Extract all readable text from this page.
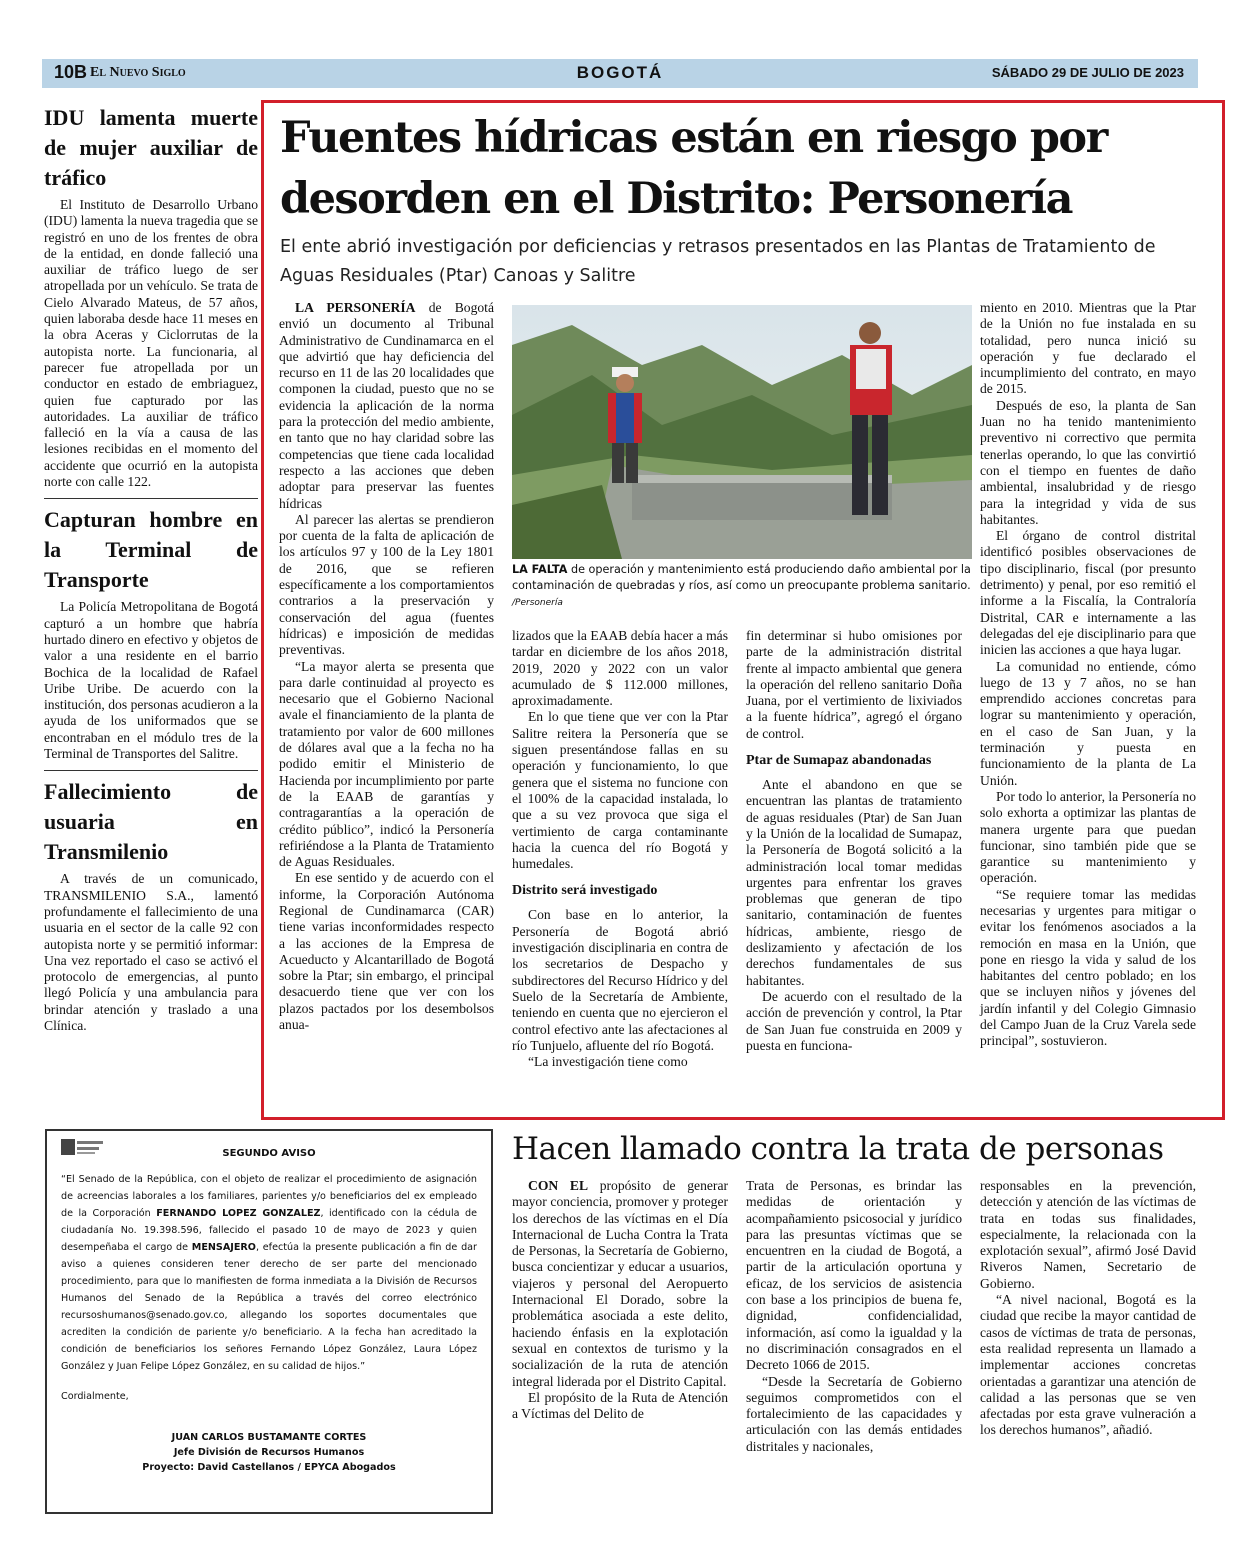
10B El Nuevo Siglo	BOGOTÁ	SÁBADO 29 DE JULIO DE 2023
IDU lamenta muerte de mujer auxiliar de tráfico

El Instituto de Desarrollo Urbano (IDU) lamenta la nueva tragedia que se registró en uno de los frentes de obra de la entidad, en donde falleció una auxiliar de tráfico luego de ser atropellada por un vehículo. Se trata de Cielo Alvarado Mateus, de 57 años, quien laboraba desde hace 11 meses en la obra Aceras y Ciclorrutas de la autopista norte. La funcionaria, al parecer fue atropellada por un conductor en estado de embriaguez, quien fue capturado por las autoridades. La auxiliar de tráfico falleció en la vía a causa de las lesiones recibidas en el momento del accidente que ocurrió en la autopista norte con calle 122.

Capturan hombre en la Terminal de Transporte

La Policía Metropolitana de Bogotá capturó a un hombre que habría hurtado dinero en efectivo y objetos de valor a una residente en el barrio Bochica de la localidad de Rafael Uribe Uribe. De acuerdo con la institución, dos personas acudieron a la ayuda de los uniformados que se encontraban en el módulo tres de la Terminal de Transportes del Salitre.

Fallecimiento de usuaria en Transmilenio

A través de un comunicado, TRANSMILENIO S.A., lamentó profundamente el fallecimiento de una usuaria en el sector de la calle 92 con autopista norte y se permitió informar: Una vez reportado el caso se activó el protocolo de emergencias, al punto llegó Policía y una ambulancia para brindar atención y traslado a una Clínica.

Fuentes hídricas están en riesgo por desorden en el Distrito: Personería
El ente abrió investigación por deficiencias y retrasos presentados en las Plantas de Tratamiento de Aguas Residuales (Ptar) Canoas y Salitre

LA PERSONERÍA de Bogotá envió un documento al Tribunal Administrativo de Cundinamarca en el que advirtió que hay deficiencia del recurso en 11 de las 20 localidades que componen la ciudad, puesto que no se evidencia la aplicación de la norma para la protección del medio ambiente, en tanto que no hay claridad sobre las competencias que tiene cada localidad respecto a las acciones que deben adoptar para preservar las fuentes hídricas

Al parecer las alertas se prendieron por cuenta de la falta de aplicación de los artículos 97 y 100 de la Ley 1801 de 2016, que se refieren específicamente a los comportamientos contrarios a la preservación y conservación del agua (fuentes hídricas) e imposición de medidas preventivas.

“La mayor alerta se presenta que para darle continuidad al proyecto es necesario que el Gobierno Nacional avale el financiamiento de la planta de tratamiento por valor de 600 millones de dólares aval que a la fecha no ha podido emitir el Ministerio de Hacienda por incumplimiento por parte de la EAAB de garantías y contragarantías a la operación de crédito público”, indicó la Personería refiriéndose a la Planta de Tratamiento de Aguas Residuales.

En ese sentido y de acuerdo con el informe, la Corporación Autónoma Regional de Cundinamarca (CAR) tiene varias inconformidades respecto a las acciones de la Empresa de Acueducto y Alcantarillado de Bogotá sobre la Ptar; sin embargo, el principal desacuerdo tiene que ver con los plazos pactados por los desembolsos anua-

LA FALTA de operación y mantenimiento está produciendo daño ambiental por la contaminación de quebradas y ríos, así como un preocupante problema sanitario. /Personería

lizados que la EAAB debía hacer a más tardar en diciembre de los años 2018, 2019, 2020 y 2022 con un valor acumulado de $ 112.000 millones, aproximadamente.

En lo que tiene que ver con la Ptar Salitre reitera la Personería que se siguen presentándose fallas en su operación y funcionamiento, lo que genera que el sistema no funcione con el 100% de la capacidad instalada, lo que a su vez provoca que siga el vertimiento de carga contaminante hacia la cuenca del río Bogotá y humedales.

Distrito será investigado

Con base en lo anterior, la Personería de Bogotá abrió investigación disciplinaria en contra de los secretarios de Despacho y subdirectores del Recurso Hídrico y del Suelo de la Secretaría de Ambiente, teniendo en cuenta que no ejercieron el control efectivo ante las afectaciones al río Tunjuelo, afluente del río Bogotá.

“La investigación tiene como

fin determinar si hubo omisiones por parte de la administración distrital frente al impacto ambiental que genera la operación del relleno sanitario Doña Juana, por el vertimiento de lixiviados a la fuente hídrica”, agregó el órgano de control.

Ptar de Sumapaz abandonadas

Ante el abandono en que se encuentran las plantas de tratamiento de aguas residuales (Ptar) de San Juan y la Unión de la localidad de Sumapaz, la Personería de Bogotá solicitó a la administración local tomar medidas urgentes para enfrentar los graves problemas que generan de tipo sanitario, contaminación de fuentes hídricas, ambiente, riesgo de deslizamiento y afectación de los derechos fundamentales de sus habitantes.

De acuerdo con el resultado de la acción de prevención y control, la Ptar de San Juan fue construida en 2009 y puesta en funciona-

miento en 2010. Mientras que la Ptar de la Unión no fue instalada en su totalidad, pero nunca inició su operación y fue declarado el incumplimiento del contrato, en mayo de 2015.

Después de eso, la planta de San Juan no ha tenido mantenimiento preventivo ni correctivo que permita tenerlas operando, lo que las convirtió con el tiempo en fuentes de daño ambiental, insalubridad y de riesgo para la integridad y vida de sus habitantes.

El órgano de control distrital identificó posibles observaciones de tipo disciplinario, fiscal (por presunto detrimento) y penal, por eso remitió el informe a la Fiscalía, la Contraloría Distrital, CAR e internamente a las delegadas del eje disciplinario para que inicien las acciones a que haya lugar.

La comunidad no entiende, cómo luego de 13 y 7 años, no se han emprendido acciones concretas para lograr su mantenimiento y operación, en el caso de San Juan, y la terminación y puesta en funcionamiento de la planta de La Unión.

Por todo lo anterior, la Personería no solo exhorta a optimizar las plantas de manera urgente para que puedan funcionar, sino también pide que se garantice su mantenimiento y operación.

“Se requiere tomar las medidas necesarias y urgentes para mitigar o evitar los fenómenos asociados a la remoción en masa en la Unión, que pone en riesgo la vida y salud de los habitantes del centro poblado; en los que se incluyen niños y jóvenes del jardín infantil y del Colegio Gimnasio del Campo Juan de la Cruz Varela sede principal”, sostuvieron.

SEGUNDO AVISO
“El Senado de la República, con el objeto de realizar el procedimiento de asignación de acreencias laborales a los familiares, parientes y/o beneficiarios del ex empleado de la Corporación FERNANDO LOPEZ GONZALEZ, identificado con la cédula de ciudadanía No. 19.398.596, fallecido el pasado 10 de mayo de 2023 y quien desempeñaba el cargo de MENSAJERO, efectúa la presente publicación a fin de dar aviso a quienes consideren tener derecho de ser parte del mencionado procedimiento, para que lo manifiesten de forma inmediata a la División de Recursos Humanos del Senado de la República a través del correo electrónico recursoshumanos@senado.gov.co, allegando los soportes documentales que acrediten la condición de pariente y/o beneficiario. A la fecha han acreditado la condición de beneficiarios los señores Fernando López González, Laura López González y Juan Felipe López González, en su calidad de hijos.”
Cordialmente,
JUAN CARLOS BUSTAMANTE CORTES
Jefe División de Recursos Humanos
Proyecto: David Castellanos / EPYCA Abogados
Hacen llamado contra la trata de personas

CON EL propósito de generar mayor conciencia, promover y proteger los derechos de las víctimas en el Día Internacional de Lucha Contra la Trata de Personas, la Secretaría de Gobierno, busca concientizar y educar a usuarios, viajeros y personal del Aeropuerto Internacional El Dorado, sobre la problemática asociada a este delito, haciendo énfasis en la explotación sexual en contextos de turismo y la socialización de la ruta de atención integral liderada por el Distrito Capital.

El propósito de la Ruta de Atención a Víctimas del Delito de

Trata de Personas, es brindar las medidas de orientación y acompañamiento psicosocial y jurídico para las presuntas víctimas que se encuentren en la ciudad de Bogotá, a partir de la articulación oportuna y eficaz, de los servicios de asistencia con base a los principios de buena fe, dignidad, confidencialidad, información, así como la igualdad y la no discriminación consagrados en el Decreto 1066 de 2015.

“Desde la Secretaría de Gobierno seguimos comprometidos con el fortalecimiento de las capacidades y articulación con las demás entidades distritales y nacionales,

responsables en la prevención, detección y atención de las víctimas de trata en todas sus finalidades, especialmente, la relacionada con la explotación sexual”, afirmó José David Riveros Namen, Secretario de Gobierno.

“A nivel nacional, Bogotá es la ciudad que recibe la mayor cantidad de casos de víctimas de trata de personas, esta realidad representa un llamado a implementar acciones concretas orientadas a garantizar una atención de calidad a las personas que se ven afectadas por esta grave vulneración a los derechos humanos”, añadió.
